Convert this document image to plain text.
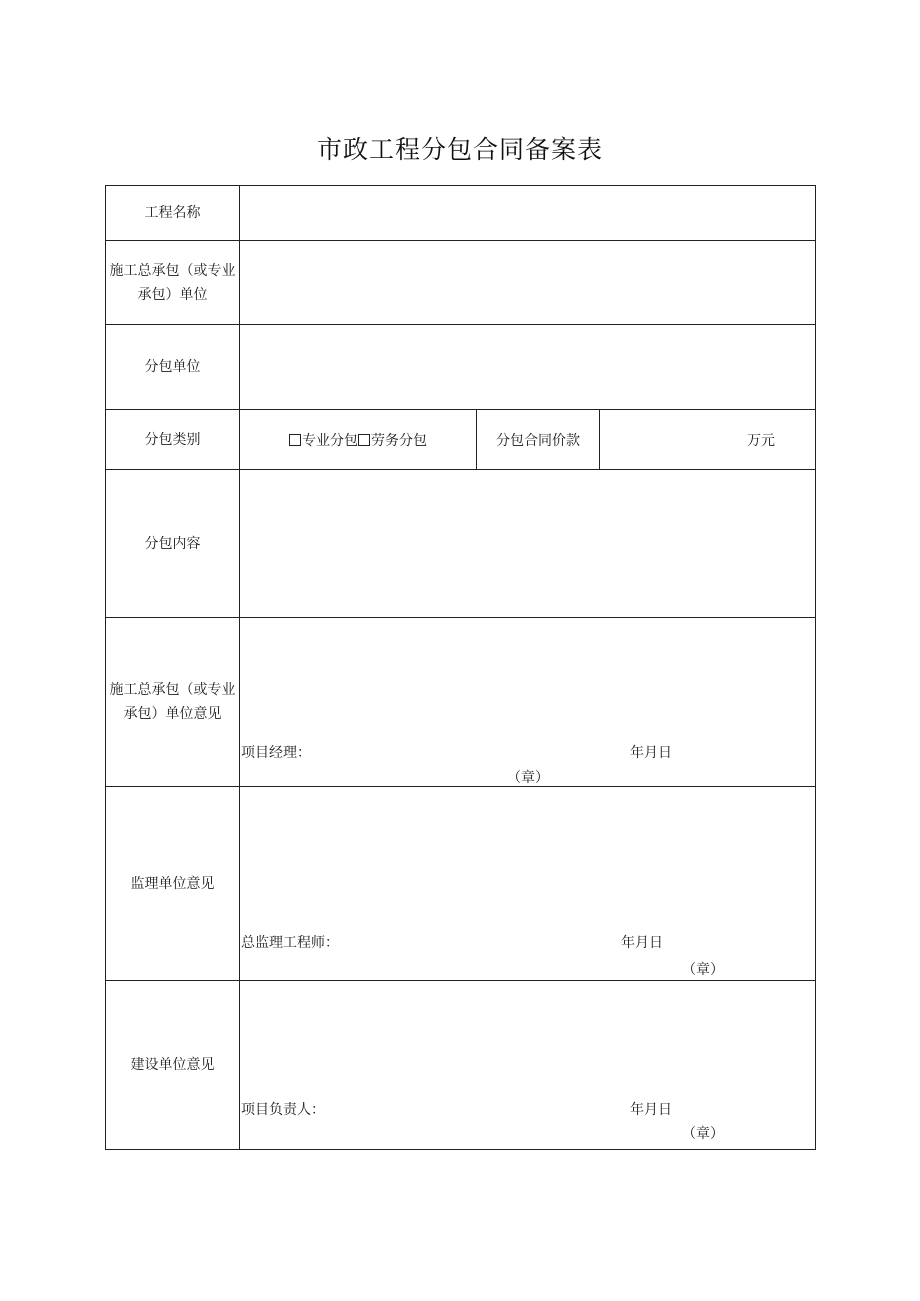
市政工程分包合同备案表
工程名称			
施工总承包（或专业承包）单位			
分包单位			
分包类别	专业分包 劳务分包	分包合同价款	万元
分包内容			
施工总承包（或专业承包）单位意见	项目经理： 年月日
（章）		

监理单位意见	总监理工程师： 年月日
（章）		

建设单位意见	项目负责人： 年月日
（章）		
